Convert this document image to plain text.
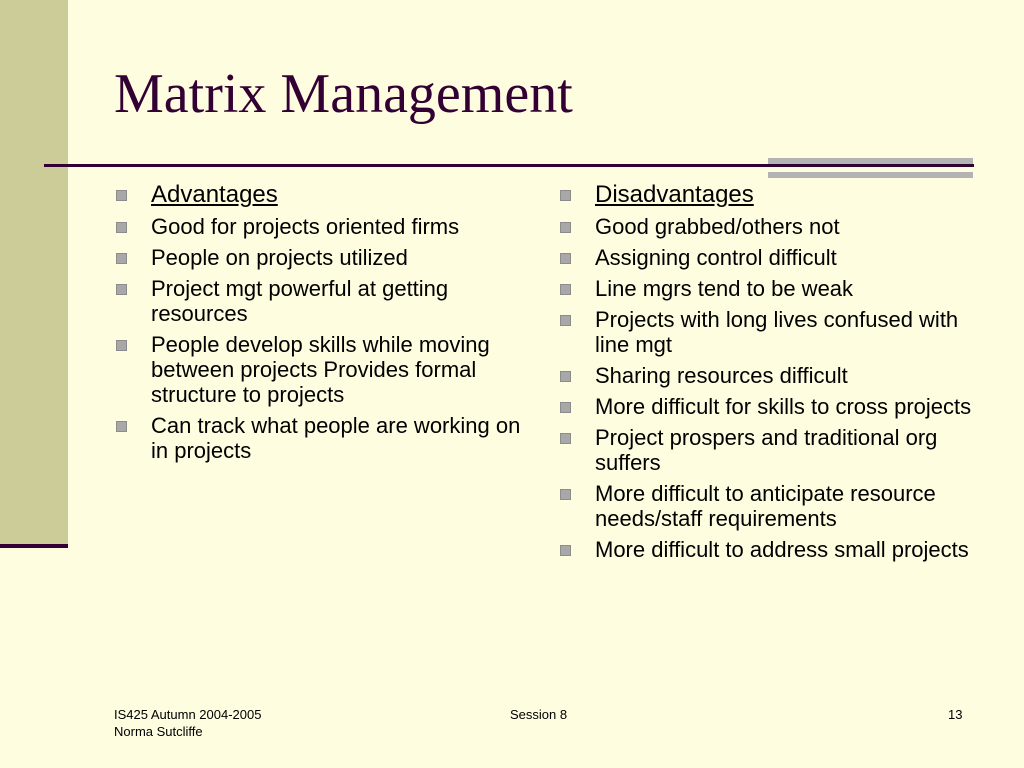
Matrix Management
Advantages
Good for projects oriented firms
People on projects utilized
Project mgt powerful at getting resources
People develop skills while moving between projects Provides formal structure to projects
Can track what people are working on in projects
Disadvantages
Good grabbed/others not
Assigning control difficult
Line mgrs tend to be weak
Projects with long lives confused with line mgt
Sharing resources difficult
More difficult for skills to cross projects
Project prospers and traditional org suffers
More difficult to anticipate resource needs/staff requirements
More difficult to address small projects
IS425 Autumn 2004-2005
Norma Sutcliffe
Session 8	13
